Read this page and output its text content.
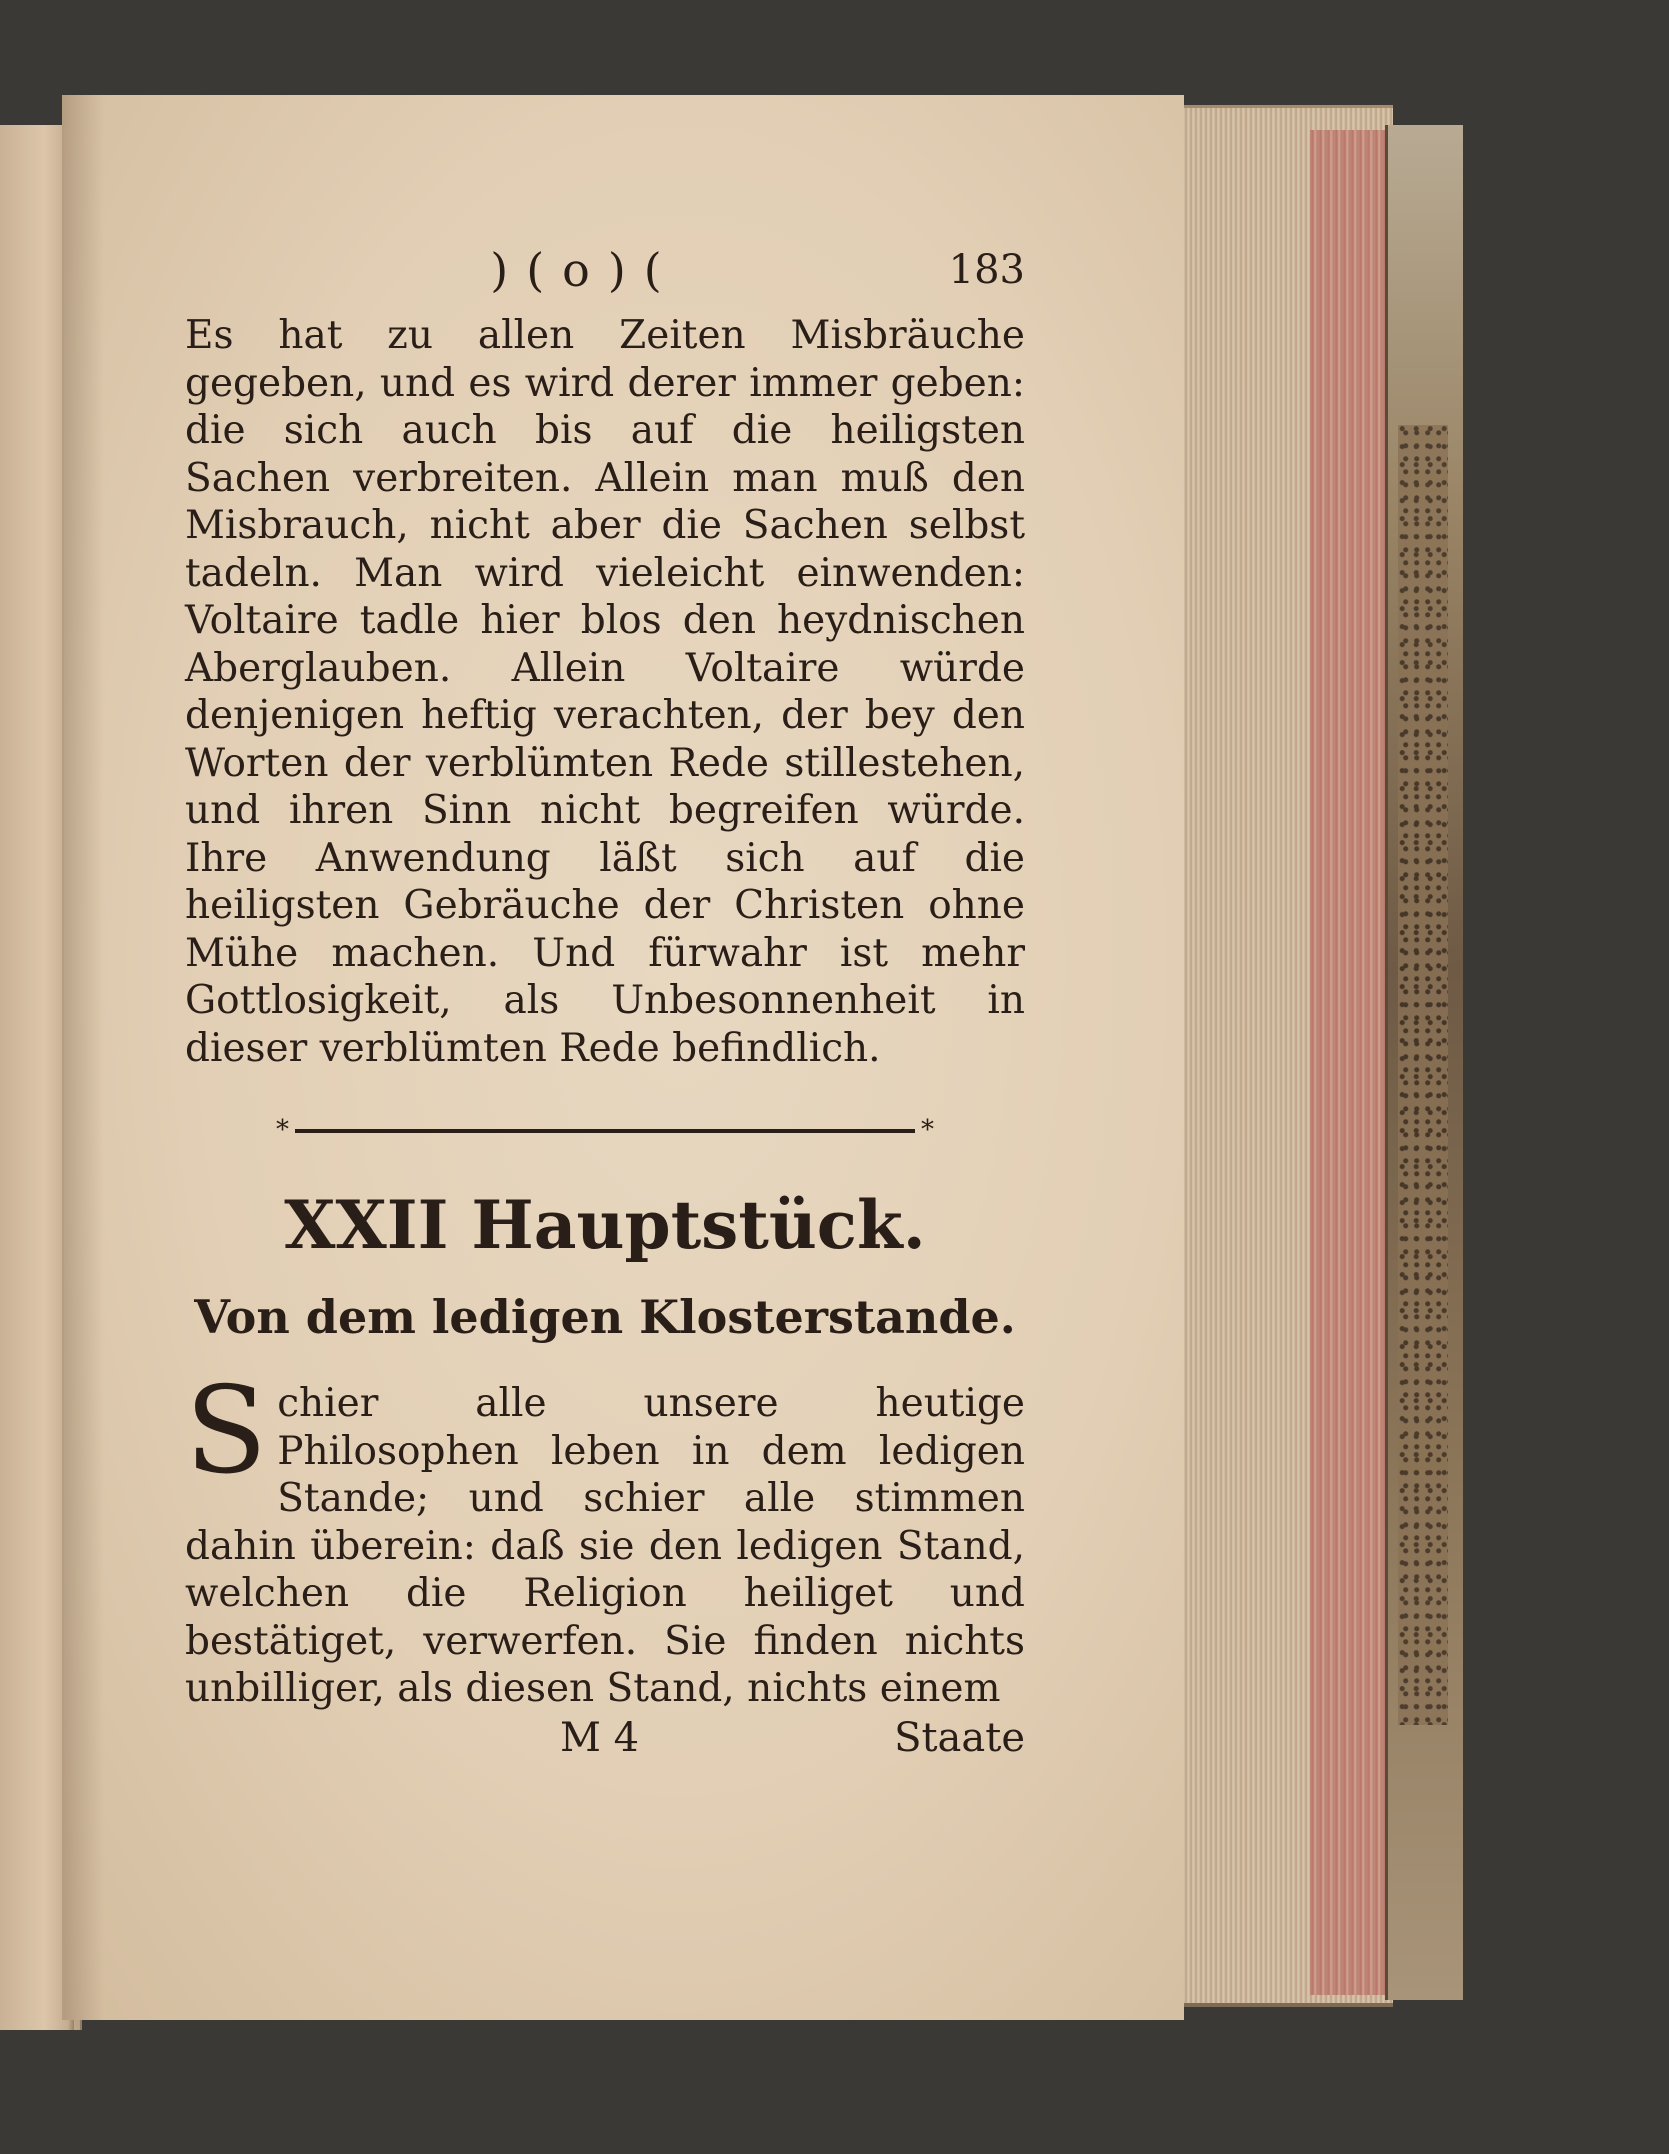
)(o)(	183

Es hat zu allen Zeiten Misbräuche gegeben, und es wird derer immer geben: die sich auch bis auf die heiligsten Sachen verbreiten. Allein man muß den Misbrauch, nicht aber die Sachen selbst tadeln. Man wird vieleicht einwenden: Voltaire tadle hier blos den heydnischen Aberglauben. Allein Voltaire würde denjenigen heftig verachten, der bey den Worten der verblümten Rede stillestehen, und ihren Sinn nicht begreifen würde. Ihre Anwendung läßt sich auf die heiligsten Gebräuche der Christen ohne Mühe machen. Und fürwahr ist mehr Gottlosigkeit, als Unbesonnenheit in dieser verblümten Rede befindlich.

*	*
XXII Hauptstück.
Von dem ledigen Klosterstande.

Schier alle unsere heutige Philosophen leben in dem ledigen Stande; und schier alle stimmen dahin überein: daß sie den ledigen Stand, welchen die Religion heiliget und bestätiget, verwerfen. Sie finden nichts unbilliger, als diesen Stand, nichts einem

M 4	Staate
